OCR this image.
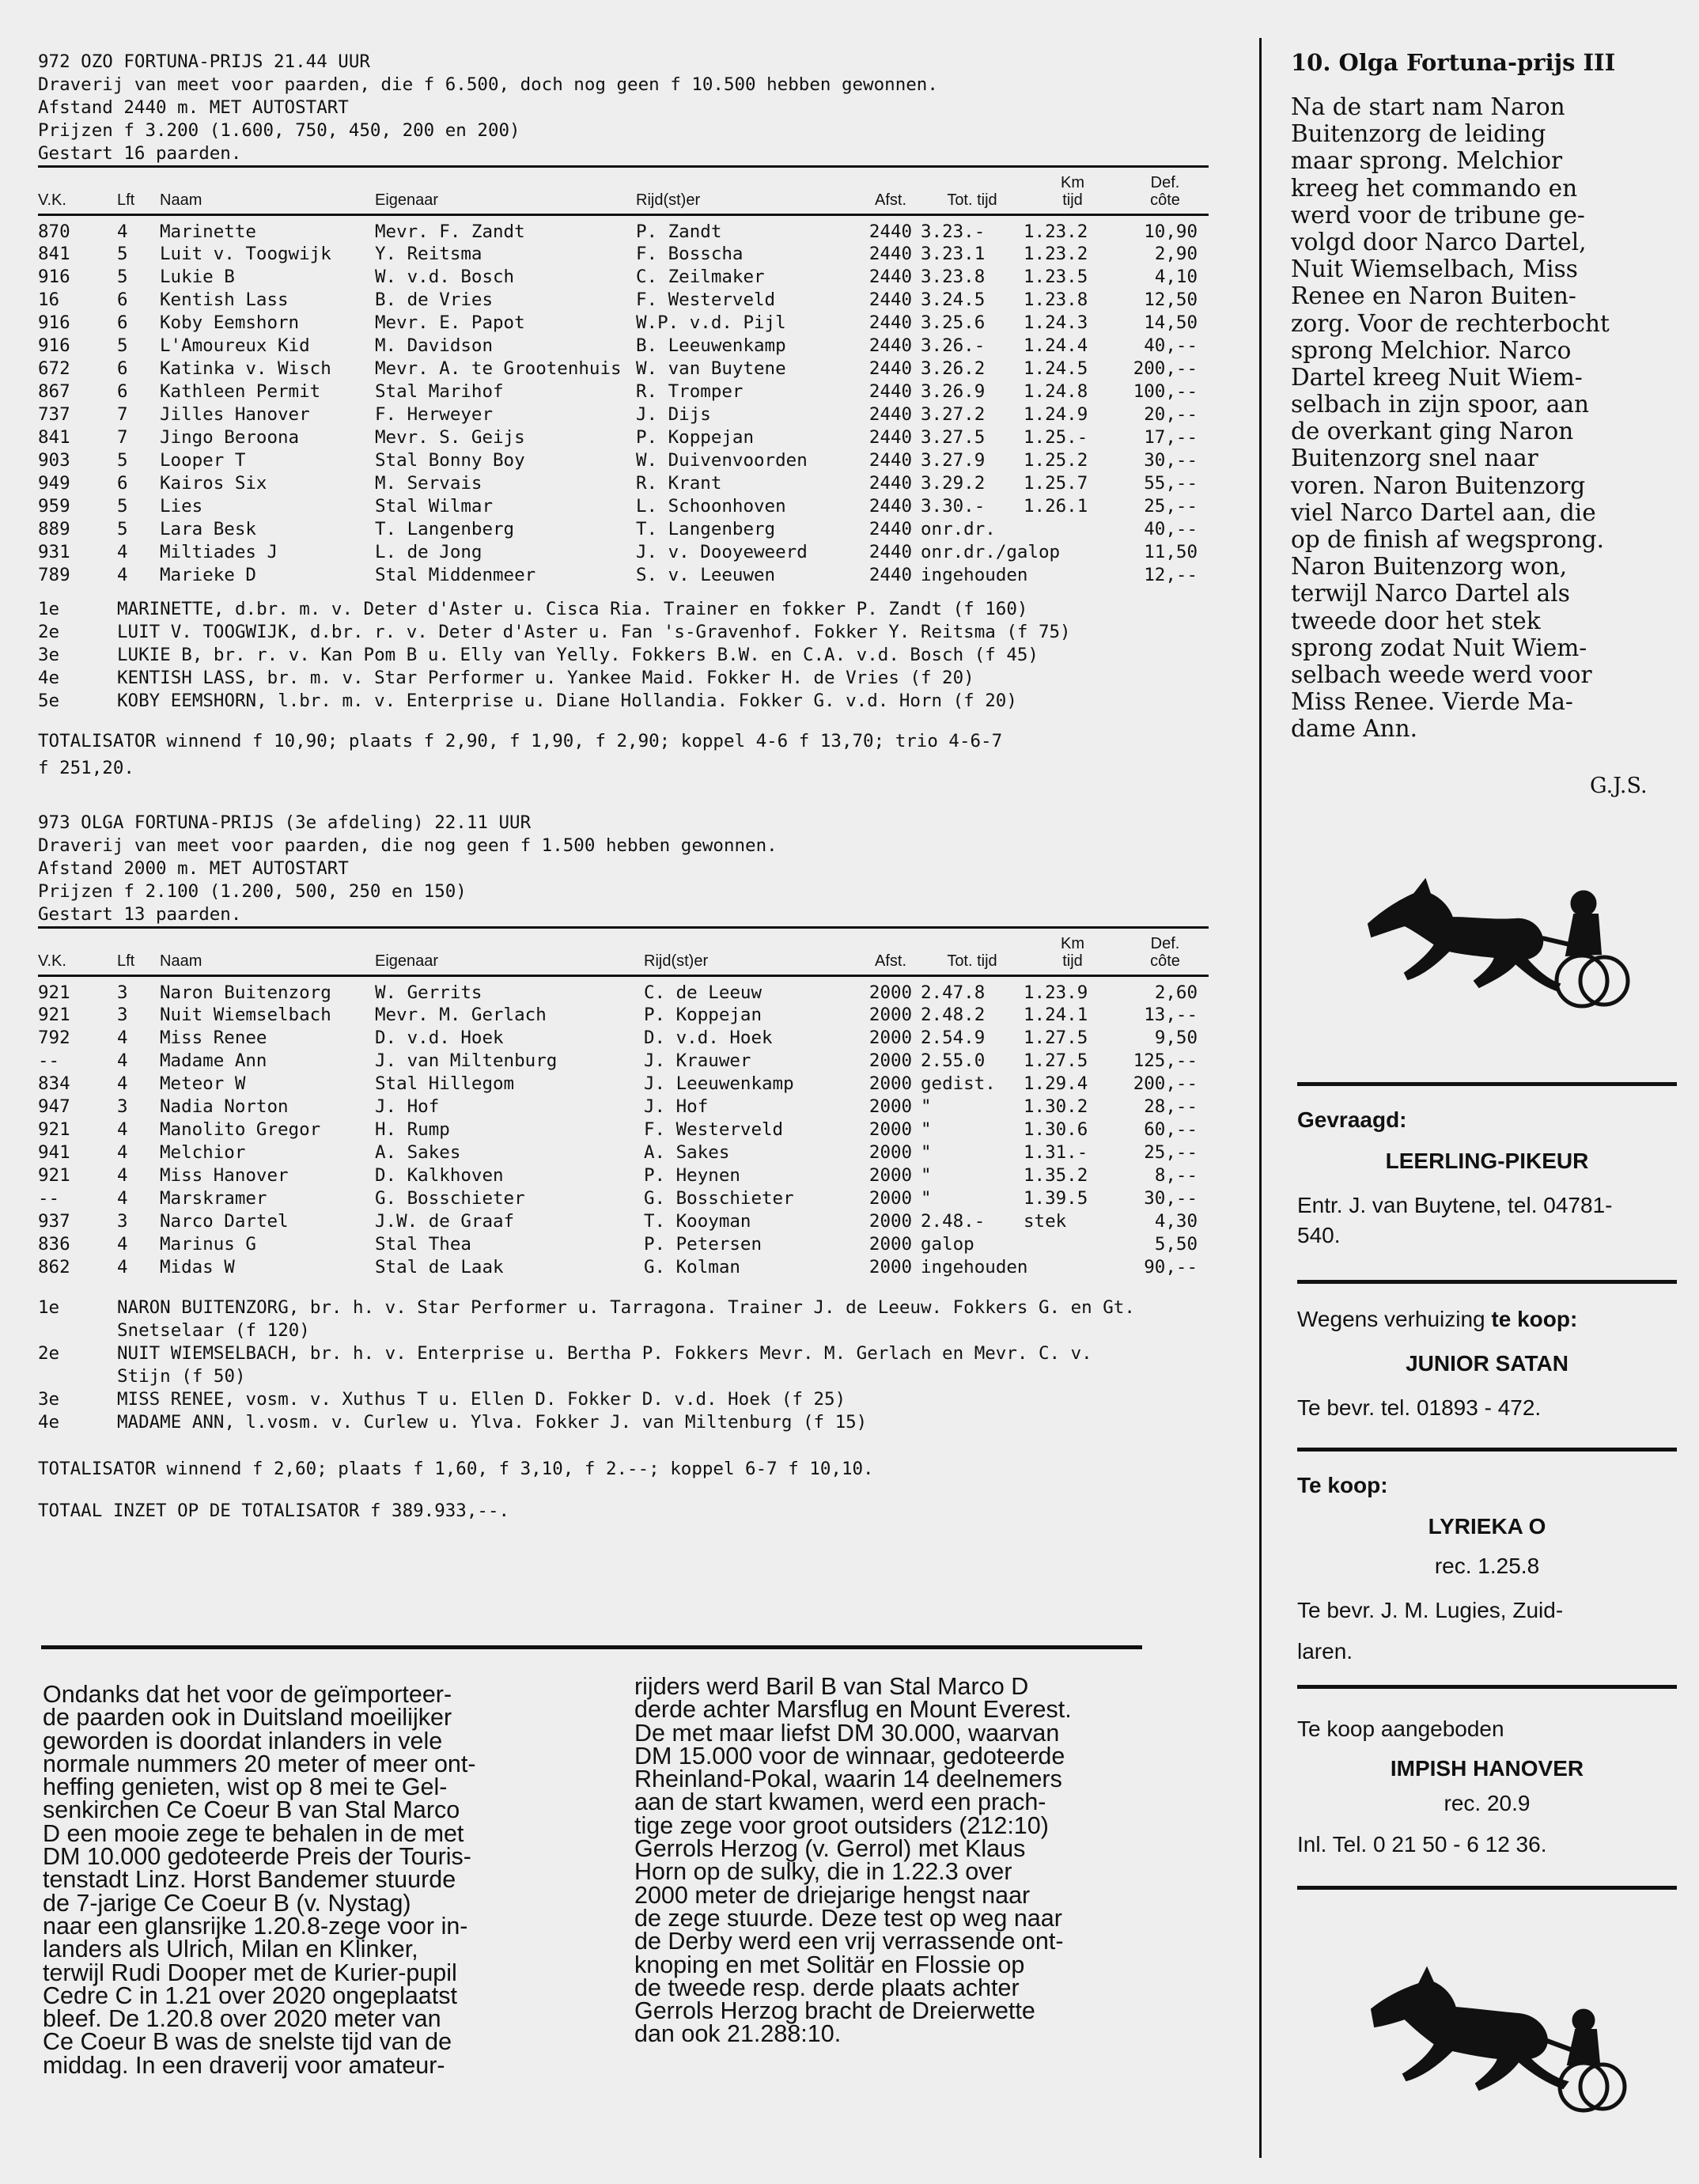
972 OZO FORTUNA-PRIJS 21.44 UUR
Draverij van meet voor paarden, die f 6.500, doch nog geen f 10.500 hebben gewonnen.
Afstand 2440 m. MET AUTOSTART
Prijzen f 3.200 (1.600, 750, 450, 200 en 200)
Gestart 16 paarden.
V.K.	Lft	Naam	Eigenaar	Rijd(st)er	Afst.	Tot. tijd	Km tijd	Def. côte
870	4	Marinette	Mevr. F. Zandt	P. Zandt	2440	3.23.-	1.23.2	10,90
841	5	Luit v. Toogwijk	Y. Reitsma	F. Bosscha	2440	3.23.1	1.23.2	2,90
916	5	Lukie B	W. v.d. Bosch	C. Zeilmaker	2440	3.23.8	1.23.5	4,10
16	6	Kentish Lass	B. de Vries	F. Westerveld	2440	3.24.5	1.23.8	12,50
916	6	Koby Eemshorn	Mevr. E. Papot	W.P. v.d. Pijl	2440	3.25.6	1.24.3	14,50
916	5	L'Amoureux Kid	M. Davidson	B. Leeuwenkamp	2440	3.26.-	1.24.4	40,--
672	6	Katinka v. Wisch	Mevr. A. te Grootenhuis	W. van Buytene	2440	3.26.2	1.24.5	200,--
867	6	Kathleen Permit	Stal Marihof	R. Tromper	2440	3.26.9	1.24.8	100,--
737	7	Jilles Hanover	F. Herweyer	J. Dijs	2440	3.27.2	1.24.9	20,--
841	7	Jingo Beroona	Mevr. S. Geijs	P. Koppejan	2440	3.27.5	1.25.-	17,--
903	5	Looper T	Stal Bonny Boy	W. Duivenvoorden	2440	3.27.9	1.25.2	30,--
949	6	Kairos Six	M. Servais	R. Krant	2440	3.29.2	1.25.7	55,--
959	5	Lies	Stal Wilmar	L. Schoonhoven	2440	3.30.-	1.26.1	25,--
889	5	Lara Besk	T. Langenberg	T. Langenberg	2440	onr.dr.		40,--
931	4	Miltiades J	L. de Jong	J. v. Dooyeweerd	2440	onr.dr./galop		11,50
789	4	Marieke D	Stal Middenmeer	S. v. Leeuwen	2440	ingehouden		12,--
1e	MARINETTE, d.br. m. v. Deter d'Aster u. Cisca Ria. Trainer en fokker P. Zandt (f 160)
2e	LUIT V. TOOGWIJK, d.br. r. v. Deter d'Aster u. Fan 's-Gravenhof. Fokker Y. Reitsma (f 75)
3e	LUKIE B, br. r. v. Kan Pom B u. Elly van Yelly. Fokkers B.W. en C.A. v.d. Bosch (f 45)
4e	KENTISH LASS, br. m. v. Star Performer u. Yankee Maid. Fokker H. de Vries (f 20)
5e	KOBY EEMSHORN, l.br. m. v. Enterprise u. Diane Hollandia. Fokker G. v.d. Horn (f 20)
TOTALISATOR winnend f 10,90; plaats f 2,90, f 1,90, f 2,90; koppel 4-6 f 13,70; trio 4-6-7
f 251,20.
973 OLGA FORTUNA-PRIJS (3e afdeling) 22.11 UUR
Draverij van meet voor paarden, die nog geen f 1.500 hebben gewonnen.
Afstand 2000 m. MET AUTOSTART
Prijzen f 2.100 (1.200, 500, 250 en 150)
Gestart 13 paarden.
V.K.	Lft	Naam	Eigenaar	Rijd(st)er	Afst.	Tot. tijd	Km tijd	Def. côte
921	3	Naron Buitenzorg	W. Gerrits	C. de Leeuw	2000	2.47.8	1.23.9	2,60
921	3	Nuit Wiemselbach	Mevr. M. Gerlach	P. Koppejan	2000	2.48.2	1.24.1	13,--
792	4	Miss Renee	D. v.d. Hoek	D. v.d. Hoek	2000	2.54.9	1.27.5	9,50
--	4	Madame Ann	J. van Miltenburg	J. Krauwer	2000	2.55.0	1.27.5	125,--
834	4	Meteor W	Stal Hillegom	J. Leeuwenkamp	2000	gedist.	1.29.4	200,--
947	3	Nadia Norton	J. Hof	J. Hof	2000	"	1.30.2	28,--
921	4	Manolito Gregor	H. Rump	F. Westerveld	2000	"	1.30.6	60,--
941	4	Melchior	A. Sakes	A. Sakes	2000	"	1.31.-	25,--
921	4	Miss Hanover	D. Kalkhoven	P. Heynen	2000	"	1.35.2	8,--
--	4	Marskramer	G. Bosschieter	G. Bosschieter	2000	"	1.39.5	30,--
937	3	Narco Dartel	J.W. de Graaf	T. Kooyman	2000	2.48.-	stek	4,30
836	4	Marinus G	Stal Thea	P. Petersen	2000	galop		5,50
862	4	Midas W	Stal de Laak	G. Kolman	2000	ingehouden		90,--
1e	NARON BUITENZORG, br. h. v. Star Performer u. Tarragona. Trainer J. de Leeuw. Fokkers G. en Gt.
Snetselaar (f 120)
2e	NUIT WIEMSELBACH, br. h. v. Enterprise u. Bertha P. Fokkers Mevr. M. Gerlach en Mevr. C. v.
Stijn (f 50)
3e	MISS RENEE, vosm. v. Xuthus T u. Ellen D. Fokker D. v.d. Hoek (f 25)
4e	MADAME ANN, l.vosm. v. Curlew u. Ylva. Fokker J. van Miltenburg (f 15)
TOTALISATOR winnend f 2,60; plaats f 1,60, f 3,10, f 2.--; koppel 6-7 f 10,10.
TOTAAL INZET OP DE TOTALISATOR f 389.933,--.
10. Olga Fortuna-prijs III
Na de start nam Naron
Buitenzorg de leiding
maar sprong. Melchior
kreeg het commando en
werd voor de tribune ge-
volgd door Narco Dartel,
Nuit Wiemselbach, Miss
Renee en Naron Buiten-
zorg. Voor de rechterbocht
sprong Melchior. Narco
Dartel kreeg Nuit Wiem-
selbach in zijn spoor, aan
de overkant ging Naron
Buitenzorg snel naar
voren. Naron Buitenzorg
viel Narco Dartel aan, die
op de finish af wegsprong.
Naron Buitenzorg won,
terwijl Narco Dartel als
tweede door het stek
sprong zodat Nuit Wiem-
selbach weede werd voor
Miss Renee. Vierde Ma-
dame Ann.
G.J.S.
Gevraagd:
LEERLING-PIKEUR
Entr. J. van Buytene, tel. 04781-
540.
Wegens verhuizing te koop:
JUNIOR SATAN
Te bevr. tel. 01893 - 472.
Te koop:
LYRIEKA O
rec. 1.25.8
Te bevr. J. M. Lugies, Zuid-
laren.
Te koop aangeboden
IMPISH HANOVER
rec. 20.9
Inl. Tel. 0 21 50 - 6 12 36.
Ondanks dat het voor de geïmporteer-
de paarden ook in Duitsland moeilijker
geworden is doordat inlanders in vele
normale nummers 20 meter of meer ont-
heffing genieten, wist op 8 mei te Gel-
senkirchen Ce Coeur B van Stal Marco
D een mooie zege te behalen in de met
DM 10.000 gedoteerde Preis der Touris-
tenstadt Linz. Horst Bandemer stuurde
de 7-jarige Ce Coeur B (v. Nystag)
naar een glansrijke 1.20.8-zege voor in-
landers als Ulrich, Milan en Klinker,
terwijl Rudi Dooper met de Kurier-pupil
Cedre C in 1.21 over 2020 ongeplaatst
bleef. De 1.20.8 over 2020 meter van
Ce Coeur B was de snelste tijd van de
middag. In een draverij voor amateur-
rijders werd Baril B van Stal Marco D
derde achter Marsflug en Mount Everest.
De met maar liefst DM 30.000, waarvan
DM 15.000 voor de winnaar, gedoteerde
Rheinland-Pokal, waarin 14 deelnemers
aan de start kwamen, werd een prach-
tige zege voor groot outsiders (212:10)
Gerrols Herzog (v. Gerrol) met Klaus
Horn op de sulky, die in 1.22.3 over
2000 meter de driejarige hengst naar
de zege stuurde. Deze test op weg naar
de Derby werd een vrij verrassende ont-
knoping en met Solitär en Flossie op
de tweede resp. derde plaats achter
Gerrols Herzog bracht de Dreierwette
dan ook 21.288:10.
